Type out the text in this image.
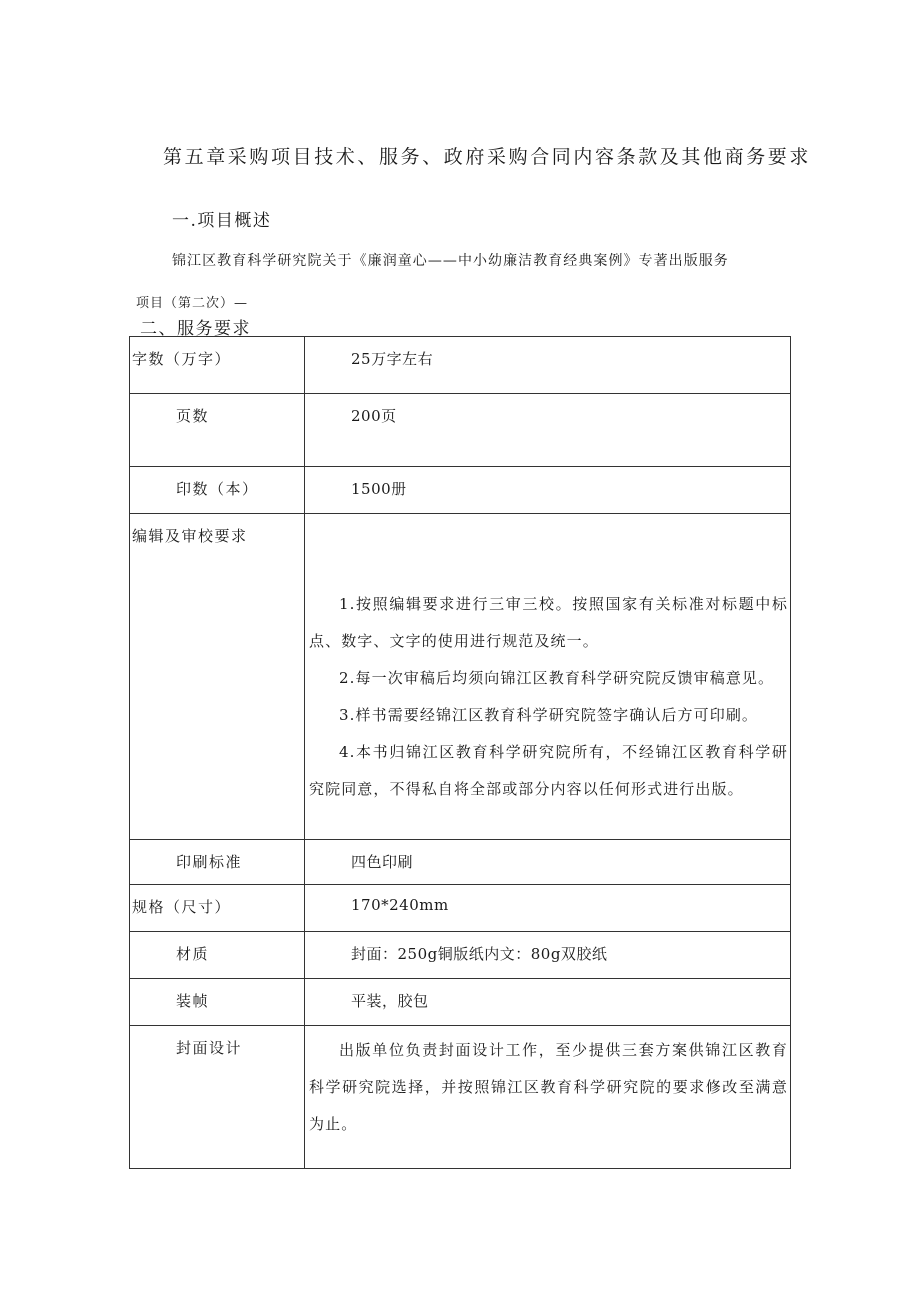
第五章采购项目技术、服务、政府采购合同内容条款及其他商务要求
一.项目概述
锦江区教育科学研究院关于《廉润童心——中小幼廉洁教育经典案例》专著出版服务
项目（第二次）—
二、服务要求
字数（万字）	25万字左右

页数	200页

印数（本）	1500册

编辑及审校要求	1.按照编辑要求进行三审三校。按照国家有关标准对标题中标点、数字、文字的使用进行规范及统一。

2.每一次审稿后均须向锦江区教育科学研究院反馈审稿意见。

3.样书需要经锦江区教育科学研究院签字确认后方可印刷。

4.本书归锦江区教育科学研究院所有，不经锦江区教育科学研究院同意，不得私自将全部或部分内容以任何形式进行出版。

印刷标准	四色印刷

规格（尺寸）	170*240mm

材质	封面：250g铜版纸内文：80g双胶纸

装帧	平装，胶包

封面设计	出版单位负责封面设计工作，至少提供三套方案供锦江区教育科学研究院选择，并按照锦江区教育科学研究院的要求修改至满意为止。
